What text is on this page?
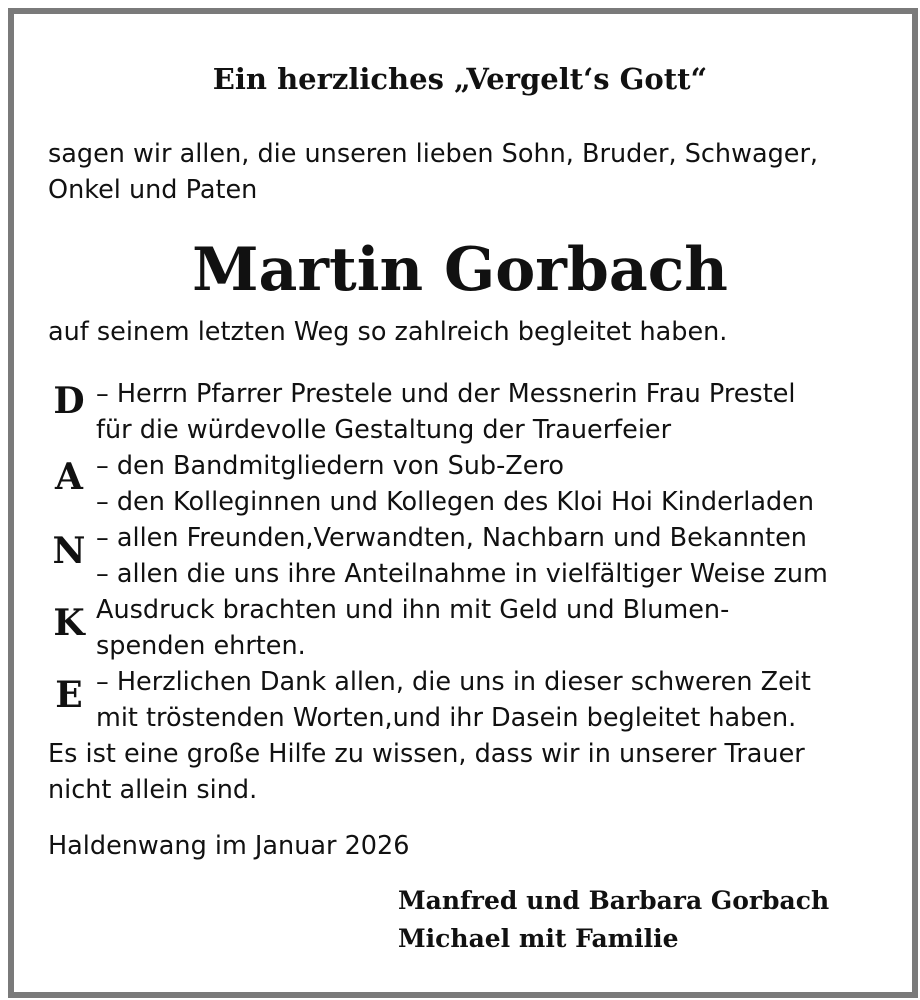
Ein herzliches „Vergelt‘s Gott“
sagen wir allen, die unseren lieben Sohn, Bruder, Schwager,
Onkel und Paten
Martin Gorbach
auf seinem letzten Weg so zahlreich begleitet haben.
D
A
N
K
E
– Herrn Pfarrer Prestele und der Messnerin Frau Prestel
für die würdevolle Gestaltung der Trauerfeier
– den Bandmitgliedern von Sub-Zero
– den Kolleginnen und Kollegen des Kloi Hoi Kinderladen
– allen Freunden,Verwandten, Nachbarn und Bekannten
– allen die uns ihre Anteilnahme in vielfältiger Weise zum
Ausdruck brachten und ihn mit Geld und Blumen-
spenden ehrten.
– Herzlichen Dank allen, die uns in dieser schweren Zeit
mit tröstenden Worten,und ihr Dasein begleitet haben.
Es ist eine große Hilfe zu wissen, dass wir in unserer Trauer
nicht allein sind.
Haldenwang im Januar 2026
Manfred und Barbara Gorbach
Michael mit Familie
